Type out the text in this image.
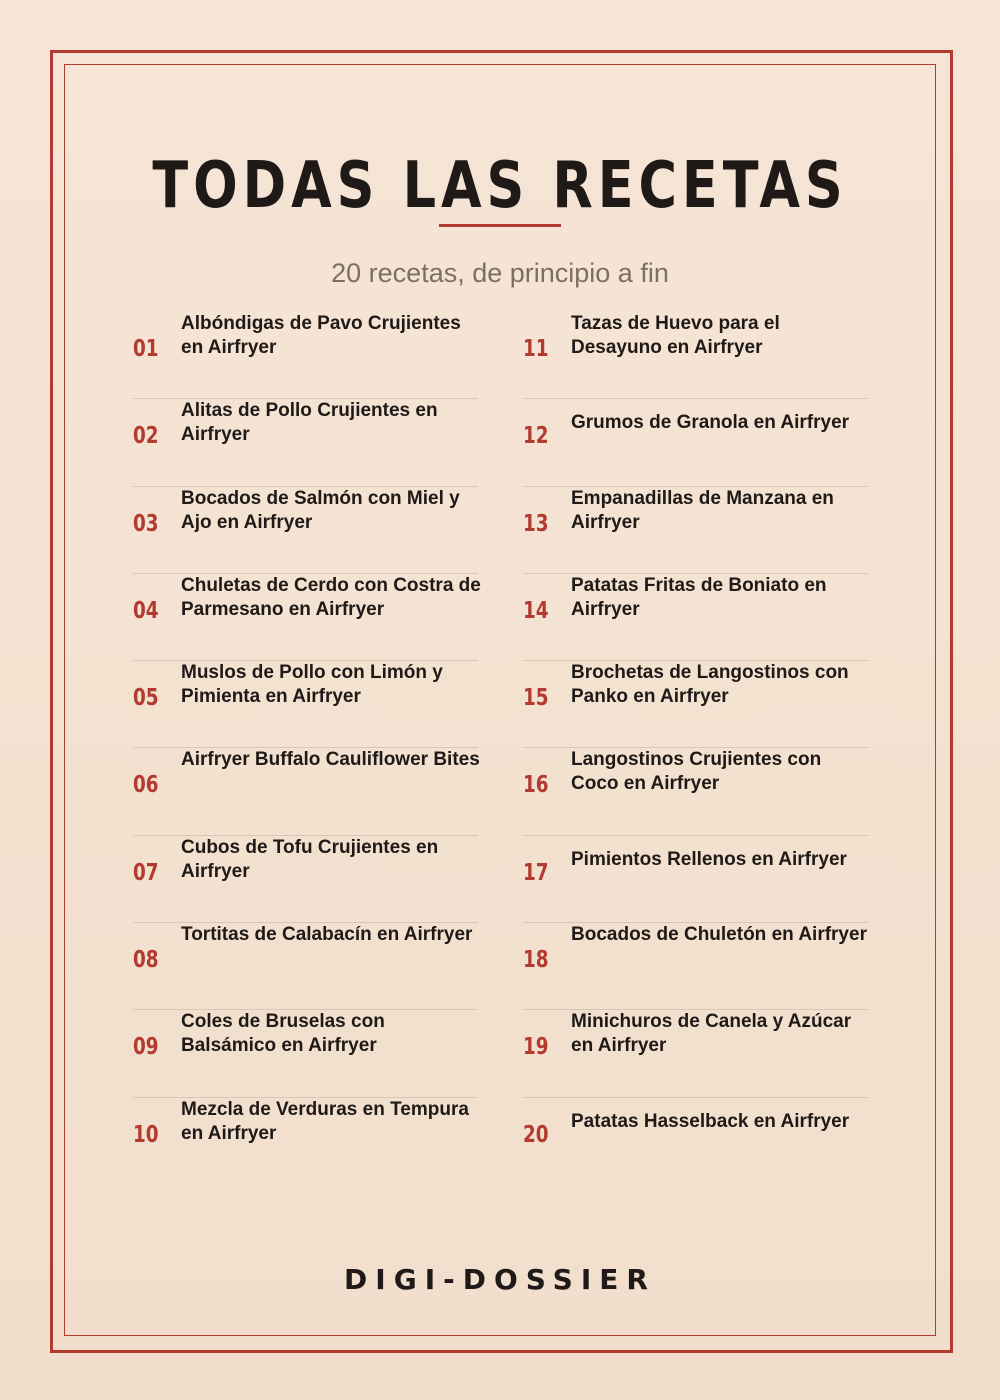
TODAS LAS RECETAS
20 recetas, de principio a fin
01
Albóndigas de Pavo Crujientes en Airfryer
02
Alitas de Pollo Crujientes en Airfryer
03
Bocados de Salmón con Miel y Ajo en Airfryer
04
Chuletas de Cerdo con Costra de Parmesano en Airfryer
05
Muslos de Pollo con Limón y Pimienta en Airfryer
06
Airfryer Buffalo Cauliflower Bites
07
Cubos de Tofu Crujientes en Airfryer
08
Tortitas de Calabacín en Airfryer
09
Coles de Bruselas con Balsámico en Airfryer
10
Mezcla de Verduras en Tempura en Airfryer
11
Tazas de Huevo para el Desayuno en Airfryer
12
Grumos de Granola en Airfryer
13
Empanadillas de Manzana en Airfryer
14
Patatas Fritas de Boniato en Airfryer
15
Brochetas de Langostinos con Panko en Airfryer
16
Langostinos Crujientes con Coco en Airfryer
17
Pimientos Rellenos en Airfryer
18
Bocados de Chuletón en Airfryer
19
Minichuros de Canela y Azúcar en Airfryer
20
Patatas Hasselback en Airfryer
DIGI-DOSSIER
